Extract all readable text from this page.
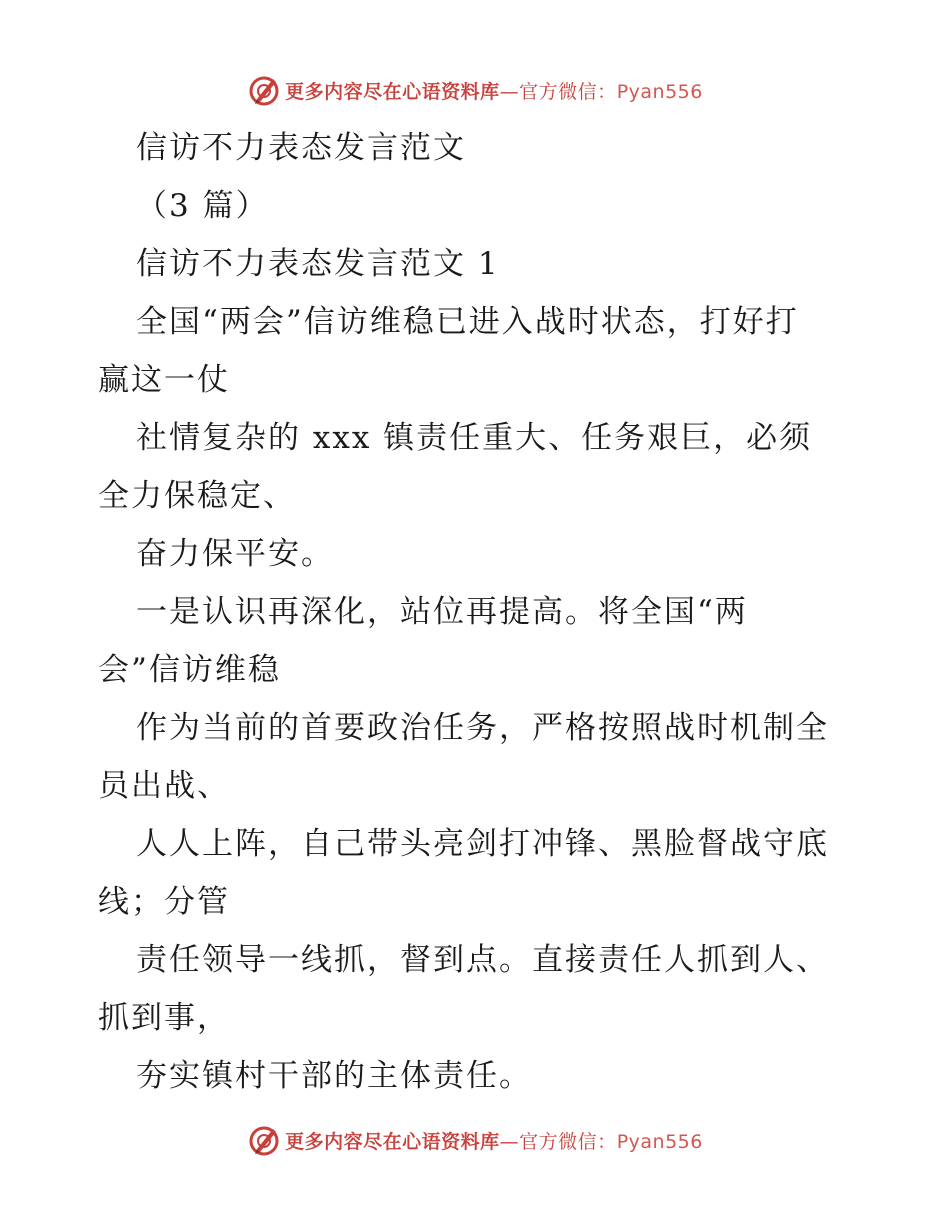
更多内容尽在心语资料库—官方微信：Pyan556
信访不力表态发言范文
（3 篇）
信访不力表态发言范文 1
全国“两会”信访维稳已进入战时状态，打好打
赢这一仗
社情复杂的 xxx 镇责任重大、任务艰巨，必须
全力保稳定、
奋力保平安。
一是认识再深化，站位再提高。将全国“两
会”信访维稳
作为当前的首要政治任务，严格按照战时机制全
员出战、
人人上阵，自己带头亮剑打冲锋、黑脸督战守底
线；分管
责任领导一线抓，督到点。直接责任人抓到人、
抓到事，
夯实镇村干部的主体责任。
更多内容尽在心语资料库—官方微信：Pyan556
